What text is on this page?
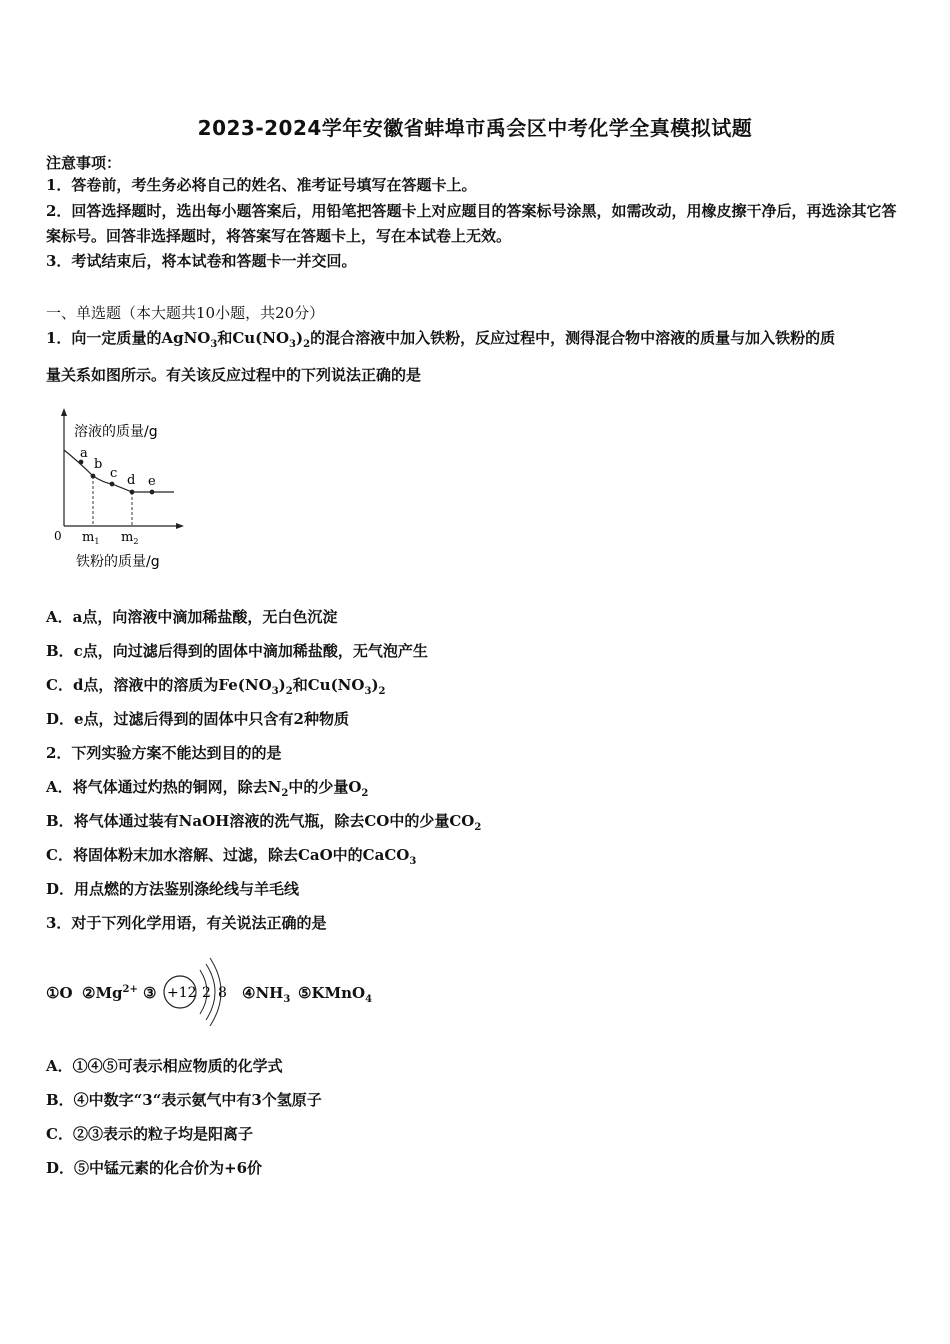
2023-2024学年安徽省蚌埠市禹会区中考化学全真模拟试题
注意事项：
1．答卷前，考生务必将自己的姓名、准考证号填写在答题卡上。
2．回答选择题时，选出每小题答案后，用铅笔把答题卡上对应题目的答案标号涂黑，如需改动，用橡皮擦干净后，再选涂其它答案标号。回答非选择题时，将答案写在答题卡上，写在本试卷上无效。
3．考试结束后，将本试卷和答题卡一并交回。
一、单选题（本大题共10小题，共20分）
1．向一定质量的AgNO$_3$和$Cu(NO_3)_2$的混合溶液中加入铁粉，反应过程中，测得混合物中溶液的质量与加入铁粉的质
量关系如图所示。有关该反应过程中的下列说法正确的是
溶液的质量/g
a
b
c d e
0 $m_1$ $m_2$
铁粉的质量/g
A．a点，向溶液中滴加稀盐酸，无白色沉淀
B．c点，向过滤后得到的固体中滴加稀盐酸，无气泡产生
C．d点，溶液中的溶质为$Fe(NO_3)_2$和$Cu(NO_3)_2$
D．e点，过滤后得到的固体中只含有2种物质
2．下列实验方案不能达到目的的是
A．将气体通过灼热的铜网，除去$N_2$中的少量$O_2$
B．将气体通过装有NaOH溶液的洗气瓶，除去CO中的少量$CO_2$
C．将固体粉末加水溶解、过滤，除去CaO中的CaCO$_3$
D．用点燃的方法鉴别涤纶线与羊毛线
3．对于下列化学用语，有关说法正确的是
①O $②Mg^{2+}$ ③ +12 2 8 $④NH_3$ ⑤KMnO$_4$
A．①④⑤可表示相应物质的化学式
B．④中数字“3“表示氨气中有3个氢原子
C．②③表示的粒子均是阳离子
D．⑤中锰元素的化合价为+6价
